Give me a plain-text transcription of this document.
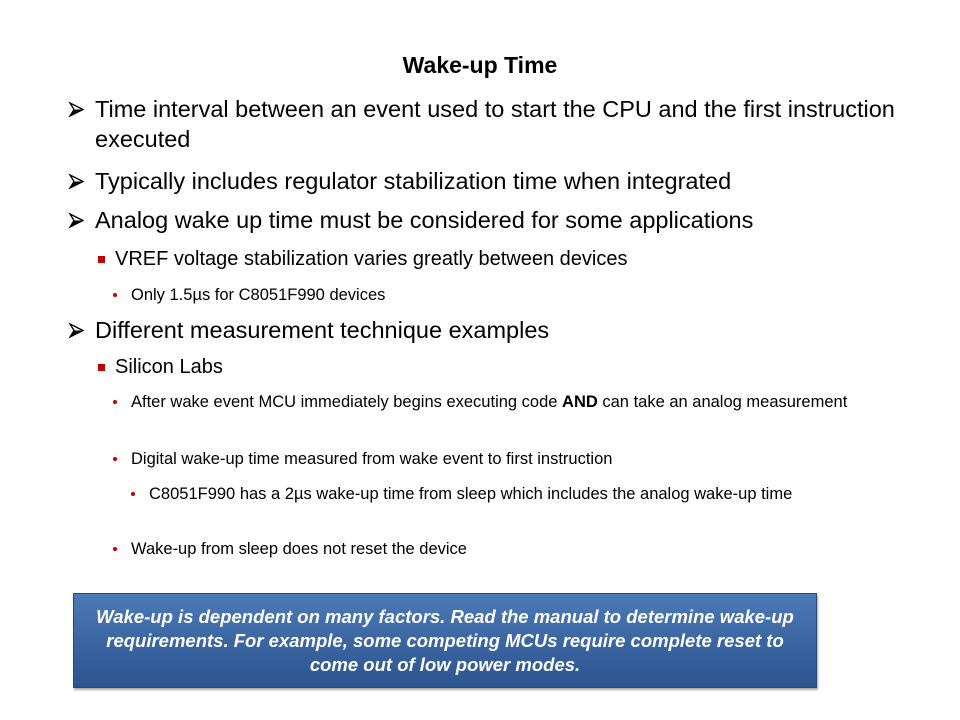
Wake-up Time
Time interval between an event used to start the CPU and the first instruction executed
Typically includes regulator stabilization time when integrated
Analog wake up time must be considered for some applications
VREF voltage stabilization varies greatly between devices
Only 1.5µs for C8051F990 devices
Different measurement technique examples
Silicon Labs
After wake event MCU immediately begins executing code AND can take an analog measurement
Digital wake-up time measured from wake event to first instruction
C8051F990 has a 2µs wake-up time from sleep which includes the analog wake-up time
Wake-up from sleep does not reset the device

Wake-up is dependent on many factors. Read the manual to determine wake-up requirements. For example, some competing MCUs require complete reset to come out of low power modes.
